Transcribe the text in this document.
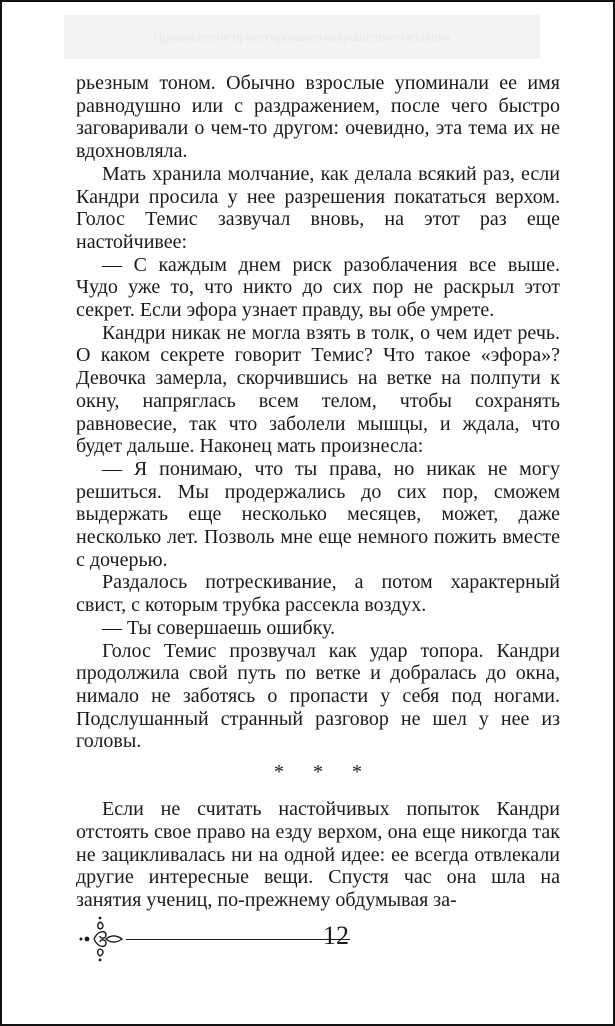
Продолжение проектирования сокращённого издания

рьезным тоном. Обычно взрослые упоминали ее имя равнодушно или с раздражением, после чего быстро заговаривали о чем-то другом: очевидно, эта тема их не вдохновляла.

Мать хранила молчание, как делала всякий раз, если Кандри просила у нее разрешения покататься верхом. Голос Темис зазвучал вновь, на этот раз еще настойчивее:

— С каждым днем риск разоблачения все выше. Чудо уже то, что никто до сих пор не раскрыл этот секрет. Если эфора узнает правду, вы обе умрете.

Кандри никак не могла взять в толк, о чем идет речь. О каком секрете говорит Темис? Что такое «эфора»? Девочка замерла, скорчившись на ветке на полпути к окну, напряглась всем телом, чтобы сохранять равновесие, так что заболели мышцы, и ждала, что будет дальше. Наконец мать произнесла:

— Я понимаю, что ты права, но никак не могу решиться. Мы продержались до сих пор, сможем выдержать еще несколько месяцев, может, даже несколько лет. Позволь мне еще немного пожить вместе с дочерью.

Раздалось потрескивание, а потом характерный свист, с которым трубка рассекла воздух.

— Ты совершаешь ошибку.

Голос Темис прозвучал как удар топора. Кандри продолжила свой путь по ветке и добралась до окна, нимало не заботясь о пропасти у себя под ногами. Подслушанный странный разговор не шел у нее из головы.

* * *

Если не считать настойчивых попыток Кандри отстоять свое право на езду верхом, она еще никогда так не зацикливалась ни на одной идее: ее всегда отвлекали другие интересные вещи. Спустя час она шла на занятия учениц, по-прежнему обдумывая за-

12
